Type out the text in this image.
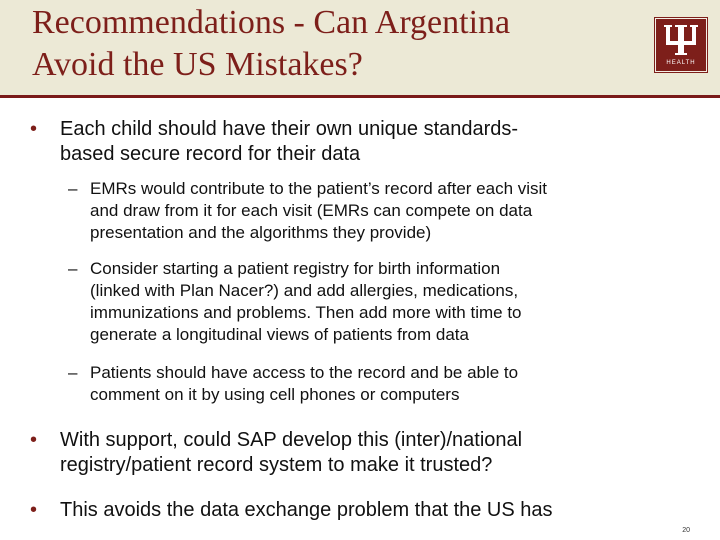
Recommendations - Can Argentina
Avoid the US Mistakes?	HEALTH
• Each child should have their own unique standards-
based secure record for their data
– EMRs would contribute to the patient’s record after each visit
and draw from it for each visit (EMRs can compete on data
presentation and the algorithms they provide)
– Consider starting a patient registry for birth information
(linked with Plan Nacer?) and add allergies, medications,
immunizations and problems. Then add more with time to
generate a longitudinal views of patients from data
– Patients should have access to the record and be able to
comment on it by using cell phones or computers
• With support, could SAP develop this (inter)/national
registry/patient record system to make it trusted?
• This avoids the data exchange problem that the US has
20
